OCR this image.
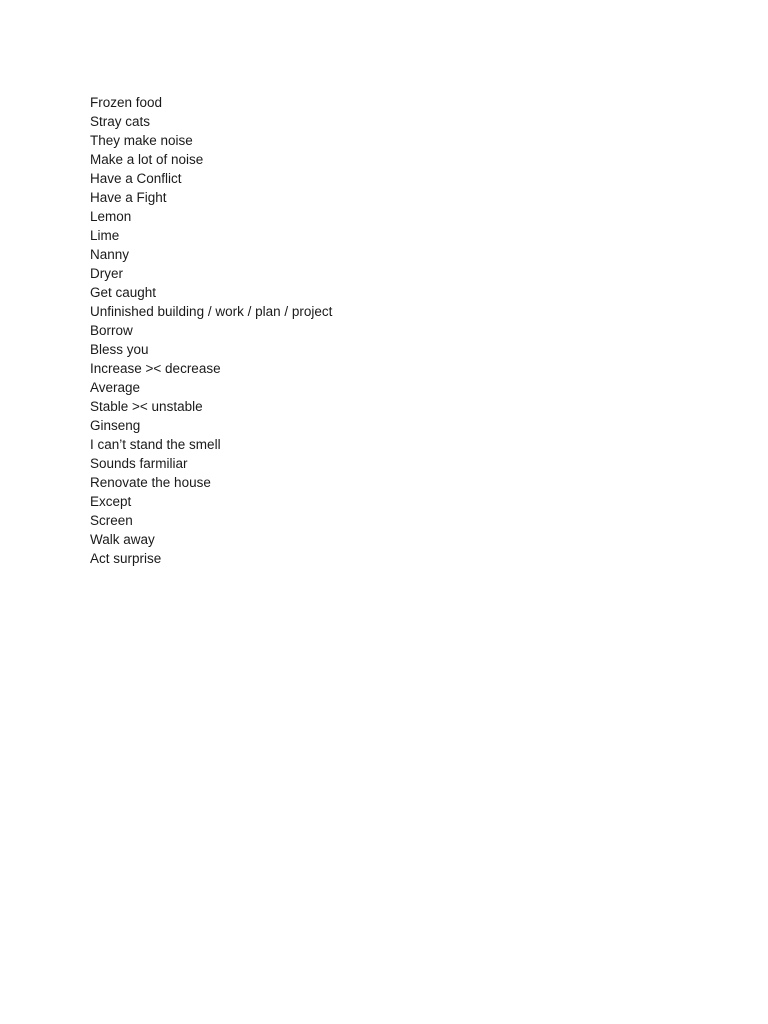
Frozen food
Stray cats
They make noise
Make a lot of noise
Have a Conflict
Have a Fight
Lemon
Lime
Nanny
Dryer
Get caught
Unfinished building / work / plan / project
Borrow
Bless you
Increase >< decrease
Average
Stable >< unstable
Ginseng
I can’t stand the smell
Sounds farmiliar
Renovate the house
Except
Screen
Walk away
Act surprise
